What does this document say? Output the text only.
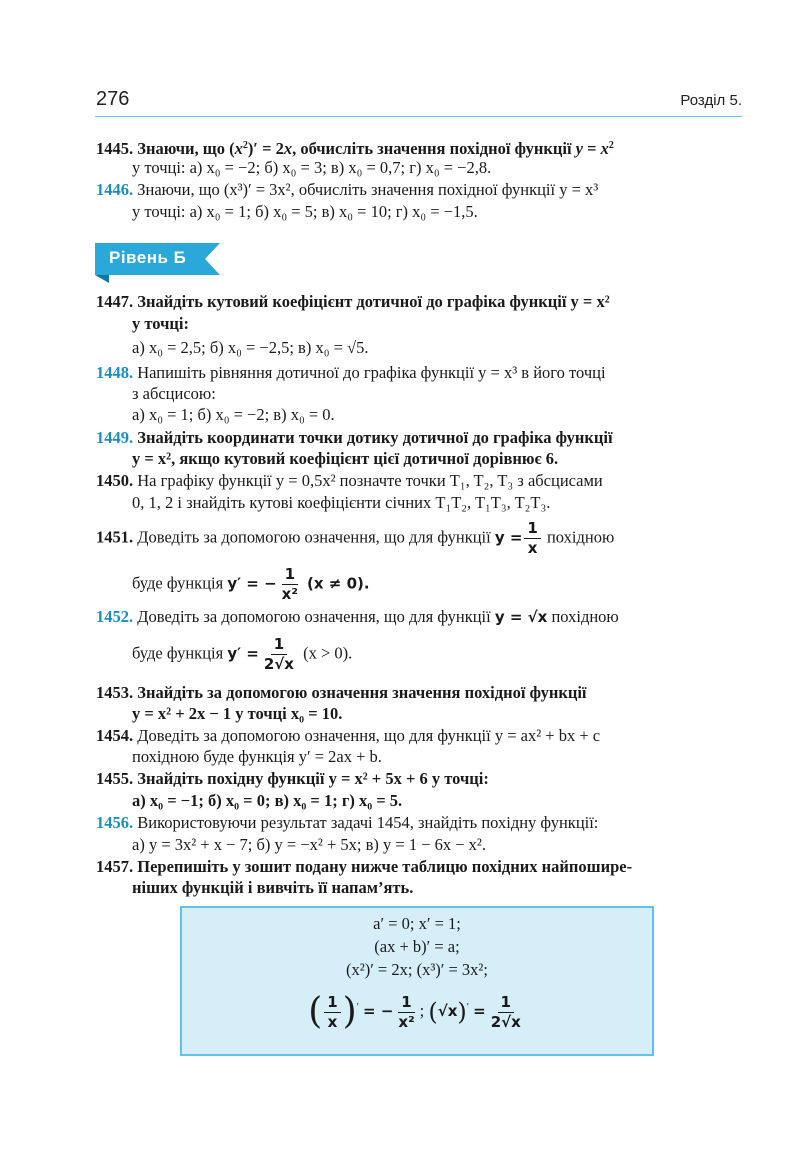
276	Розділ 5.
1445. Знаючи, що $(x^2)' = 2x$, обчисліть значення похідної функції $y = x^2$
у точці: а) x₀ = −2; б) x₀ = 3; в) x₀ = 0,7; г) x₀ = −2,8.
1446. Знаючи, що (x³)′ = 3x², обчисліть значення похідної функції y = x³
у точці: а) x₀ = 1; б) x₀ = 5; в) x₀ = 10; г) x₀ = −1,5.
Рівень Б
1447. Знайдіть кутовий коефіцієнт дотичної до графіка функції y = x²
у точці:
а) x₀ = 2,5; б) x₀ = −2,5; в) x₀ = √5.
1448. Напишіть рівняння дотичної до графіка функції y = x³ в його точці
з абсцисою:
а) x₀ = 1; б) x₀ = −2; в) x₀ = 0.
1449. Знайдіть координати точки дотику дотичної до графіка функції
y = x², якщо кутовий коефіцієнт цієї дотичної дорівнює 6.
1450. На графіку функції y = 0,5x² позначте точки T₁, T₂, T₃ з абсцисами
0, 1, 2 і знайдіть кутові коефіцієнти січних T₁T₂, T₁T₃, T₂T₃.
1451. Доведіть за допомогою означення, що для функції $y = \frac{1}{x}$ похідною
буде функція y′ = − $\frac{1}{\text{x²}} (x \ne 0)$.
1452. Доведіть за допомогою означення, що для функції y = √x похідною
буде функція $y' = \frac{1}{2√x} (x > 0)$.
1453. Знайдіть за допомогою означення значення похідної функції
y = x² + 2x − 1 у точці x₀ = 10.
1454. Доведіть за допомогою означення, що для функції y = ax² + bx + c
похідною буде функція y′ = 2ax + b.
1455. Знайдіть похідну функції y = x² + 5x + 6 у точці:
а) x₀ = −1; б) x₀ = 0; в) x₀ = 1; г) x₀ = 5.
1456. Використовуючи результат задачі 1454, знайдіть похідну функції:
а) y = 3x² + x − 7; б) y = −x² + 5x; в) y = 1 − 6x − x².
1457. Перепишіть у зошит подану нижче таблицю похідних найпошире-
ніших функцій і вивчіть її напам’ять.
a′ = 0; x′ = 1;
(ax + b)′ = a;
(x²)′ = 2x; (x³)′ = 3x²;
( $\frac{1}{x} )'$ = − $\frac{1}{\text{x²}}$ ; $(√x)' = \frac{1}{2√x}$
